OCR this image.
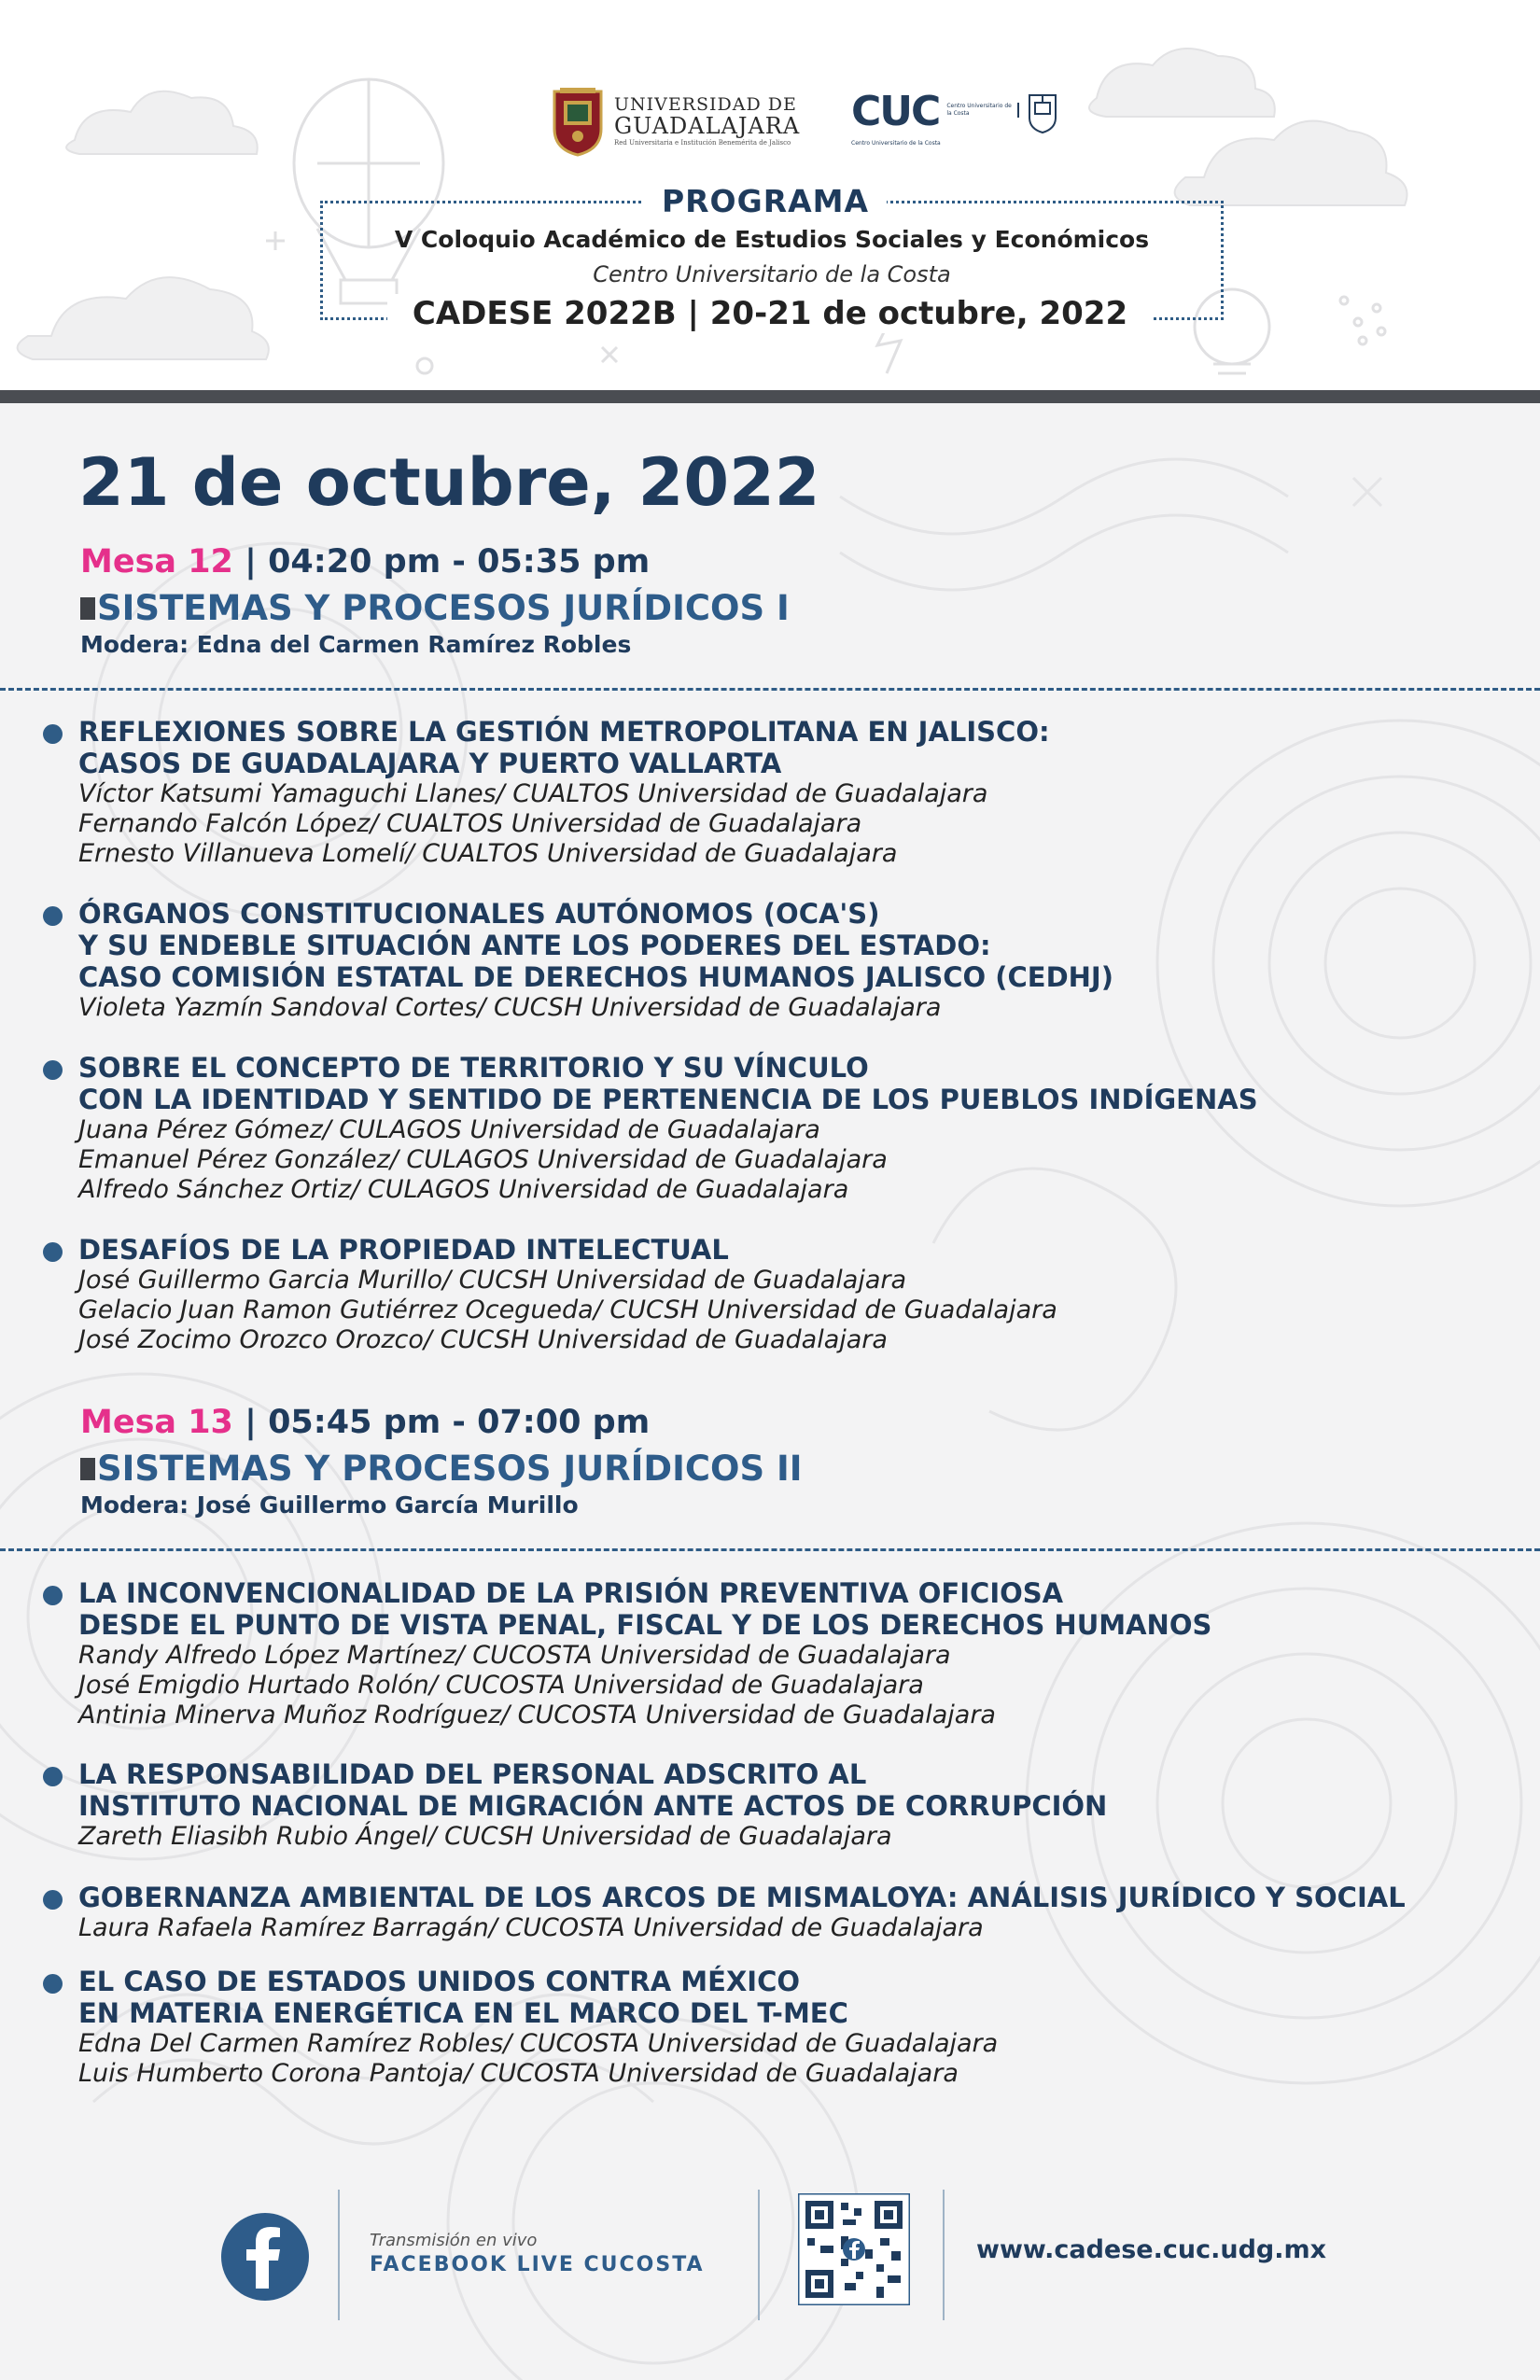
UNIVERSIDAD DE
GUADALAJARA
Red Universitaria e Institución Benemérita de Jalisco
CUC
Centro Universitario de la Costa
Centro Universitario de la Costa
PROGRAMA
V Coloquio Académico de Estudios Sociales y Económicos
Centro Universitario de la Costa
CADESE 2022B | 20-21 de octubre, 2022
21 de octubre, 2022
Mesa 12 | 04:20 pm - 05:35 pm
SISTEMAS Y PROCESOS JURÍDICOS I
Modera: Edna del Carmen Ramírez Robles
REFLEXIONES SOBRE LA GESTIÓN METROPOLITANA EN JALISCO:
CASOS DE GUADALAJARA Y PUERTO VALLARTA
Víctor Katsumi Yamaguchi Llanes/ CUALTOS Universidad de Guadalajara
Fernando Falcón López/ CUALTOS Universidad de Guadalajara
Ernesto Villanueva Lomelí/ CUALTOS Universidad de Guadalajara
ÓRGANOS CONSTITUCIONALES AUTÓNOMOS (OCA'S)
Y SU ENDEBLE SITUACIÓN ANTE LOS PODERES DEL ESTADO:
CASO COMISIÓN ESTATAL DE DERECHOS HUMANOS JALISCO (CEDHJ)
Violeta Yazmín Sandoval Cortes/ CUCSH Universidad de Guadalajara
SOBRE EL CONCEPTO DE TERRITORIO Y SU VÍNCULO
CON LA IDENTIDAD Y SENTIDO DE PERTENENCIA DE LOS PUEBLOS INDÍGENAS
Juana Pérez Gómez/ CULAGOS Universidad de Guadalajara
Emanuel Pérez González/ CULAGOS Universidad de Guadalajara
Alfredo Sánchez Ortiz/ CULAGOS Universidad de Guadalajara
DESAFÍOS DE LA PROPIEDAD INTELECTUAL
José Guillermo Garcia Murillo/ CUCSH Universidad de Guadalajara
Gelacio Juan Ramon Gutiérrez Ocegueda/ CUCSH Universidad de Guadalajara
José Zocimo Orozco Orozco/ CUCSH Universidad de Guadalajara
Mesa 13 | 05:45 pm - 07:00 pm
SISTEMAS Y PROCESOS JURÍDICOS II
Modera: José Guillermo García Murillo
LA INCONVENCIONALIDAD DE LA PRISIÓN PREVENTIVA OFICIOSA
DESDE EL PUNTO DE VISTA PENAL, FISCAL Y DE LOS DERECHOS HUMANOS
Randy Alfredo López Martínez/ CUCOSTA Universidad de Guadalajara
José Emigdio Hurtado Rolón/ CUCOSTA Universidad de Guadalajara
Antinia Minerva Muñoz Rodríguez/ CUCOSTA Universidad de Guadalajara
LA RESPONSABILIDAD DEL PERSONAL ADSCRITO AL
INSTITUTO NACIONAL DE MIGRACIÓN ANTE ACTOS DE CORRUPCIÓN
Zareth Eliasibh Rubio Ángel/ CUCSH Universidad de Guadalajara
GOBERNANZA AMBIENTAL DE LOS ARCOS DE MISMALOYA: ANÁLISIS JURÍDICO Y SOCIAL
Laura Rafaela Ramírez Barragán/ CUCOSTA Universidad de Guadalajara
EL CASO DE ESTADOS UNIDOS CONTRA MÉXICO
EN MATERIA ENERGÉTICA EN EL MARCO DEL T-MEC
Edna Del Carmen Ramírez Robles/ CUCOSTA Universidad de Guadalajara
Luis Humberto Corona Pantoja/ CUCOSTA Universidad de Guadalajara
Transmisión en vivo
FACEBOOK LIVE CUCOSTA
www.cadese.cuc.udg.mx
